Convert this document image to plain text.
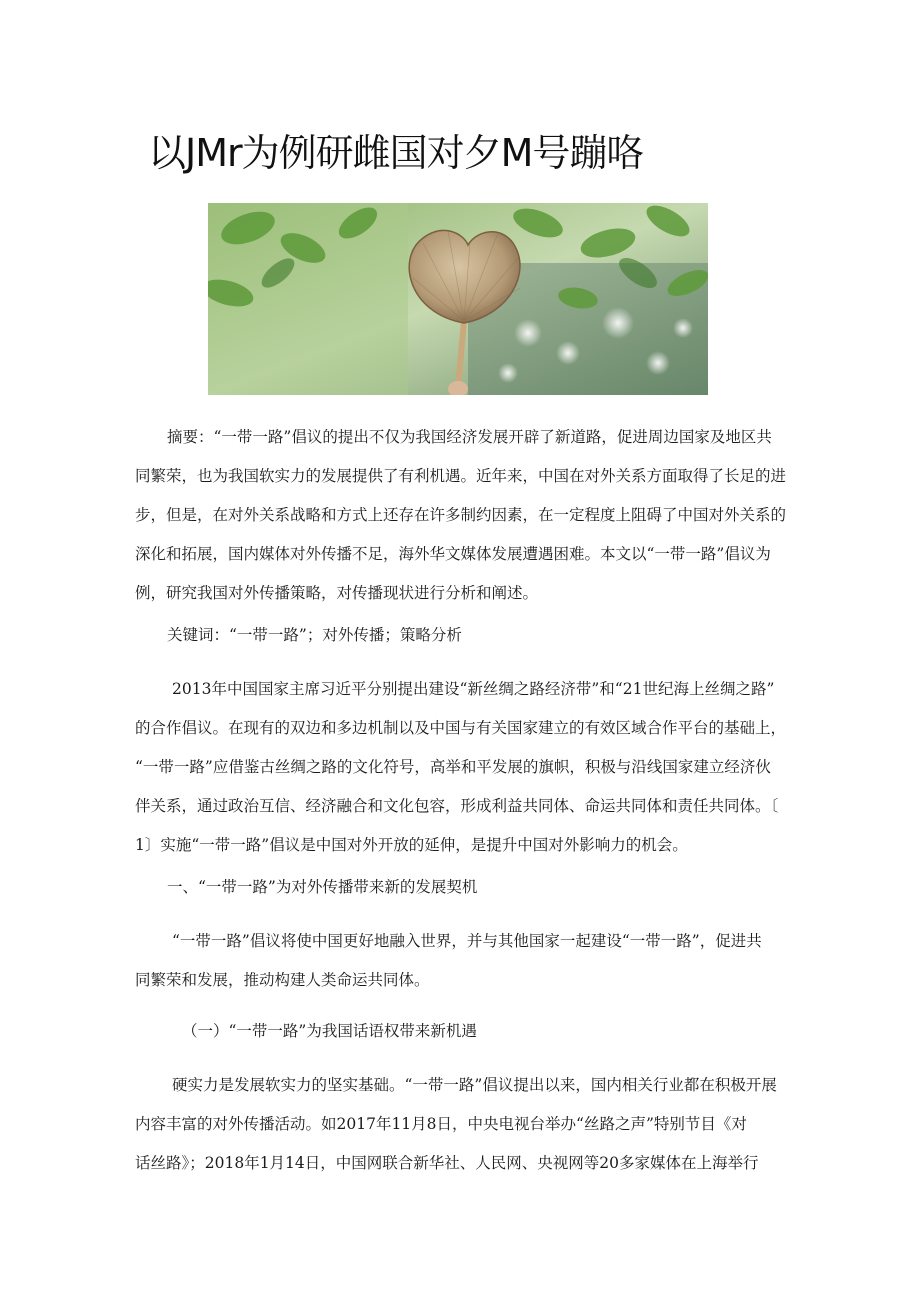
以JMr为例研雌国对夕M号蹦咯
摘要：“一带一路”倡议的提出不仅为我国经济发展开辟了新道路，促进周边国家及地区共
同繁荣，也为我国软实力的发展提供了有利机遇。近年来，中国在对外关系方面取得了长足的进
步，但是，在对外关系战略和方式上还存在许多制约因素，在一定程度上阻碍了中国对外关系的
深化和拓展，国内媒体对外传播不足，海外华文媒体发展遭遇困难。本文以“一带一路”倡议为
例，研究我国对外传播策略，对传播现状进行分析和阐述。
关键词：“一带一路”；对外传播；策略分析
2013年中国国家主席习近平分别提出建设“新丝绸之路经济带”和“21世纪海上丝绸之路”
的合作倡议。在现有的双边和多边机制以及中国与有关国家建立的有效区域合作平台的基础上，
“一带一路”应借鉴古丝绸之路的文化符号，高举和平发展的旗帜，积极与沿线国家建立经济伙
伴关系，通过政治互信、经济融合和文化包容，形成利益共同体、命运共同体和责任共同体。〔
1〕实施“一带一路”倡议是中国对外开放的延伸，是提升中国对外影响力的机会。
一、“一带一路”为对外传播带来新的发展契机
“一带一路”倡议将使中国更好地融入世界，并与其他国家一起建设“一带一路”，促进共
同繁荣和发展，推动构建人类命运共同体。
（一）“一带一路”为我国话语权带来新机遇
硬实力是发展软实力的坚实基础。“一带一路”倡议提出以来，国内相关行业都在积极开展
内容丰富的对外传播活动。如2017年11月8日，中央电视台举办“丝路之声”特别节目《对
话丝路》；2018年1月14日，中国网联合新华社、人民网、央视网等20多家媒体在上海举行
